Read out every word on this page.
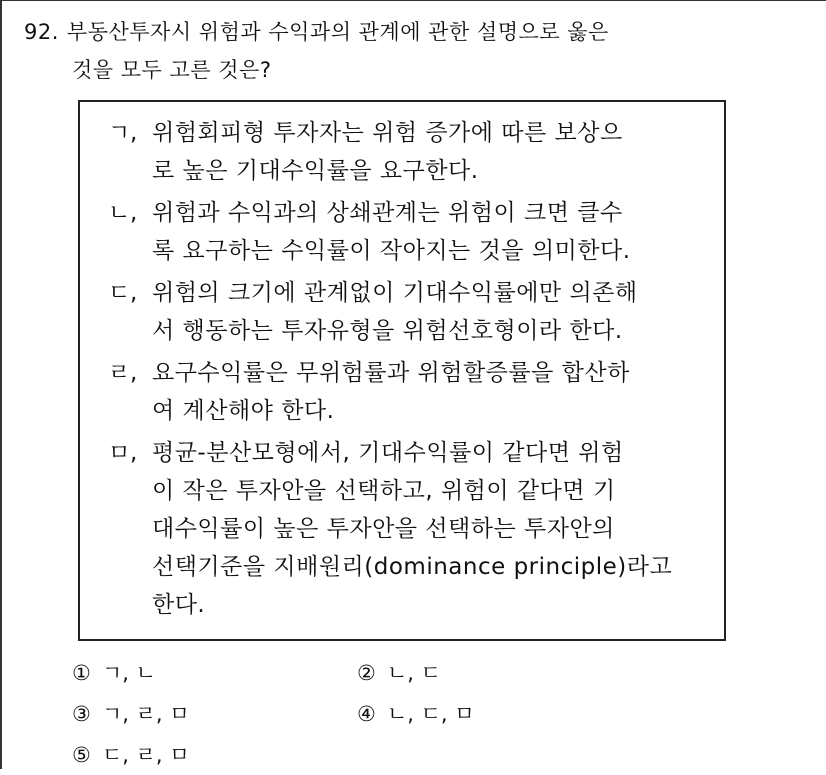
92. 부동산투자시 위험과 수익과의 관계에 관한 설명으로 옳은
것을 모두 고른 것은?
ㄱ, 위험회피형 투자자는 위험 증가에 따른 보상으
로 높은 기대수익률을 요구한다.
ㄴ, 위험과 수익과의 상쇄관계는 위험이 크면 클수
록 요구하는 수익률이 작아지는 것을 의미한다.
ㄷ, 위험의 크기에 관계없이 기대수익률에만 의존해
서 행동하는 투자유형을 위험선호형이라 한다.
ㄹ, 요구수익률은 무위험률과 위험할증률을 합산하
여 계산해야 한다.
ㅁ, 평균-분산모형에서, 기대수익률이 같다면 위험
이 작은 투자안을 선택하고, 위험이 같다면 기
대수익률이 높은 투자안을 선택하는 투자안의
선택기준을 지배원리(dominance principle)라고
한다.
① ㄱ, ㄴ	② ㄴ, ㄷ
③ ㄱ, ㄹ, ㅁ	④ ㄴ, ㄷ, ㅁ
⑤ ㄷ, ㄹ, ㅁ
